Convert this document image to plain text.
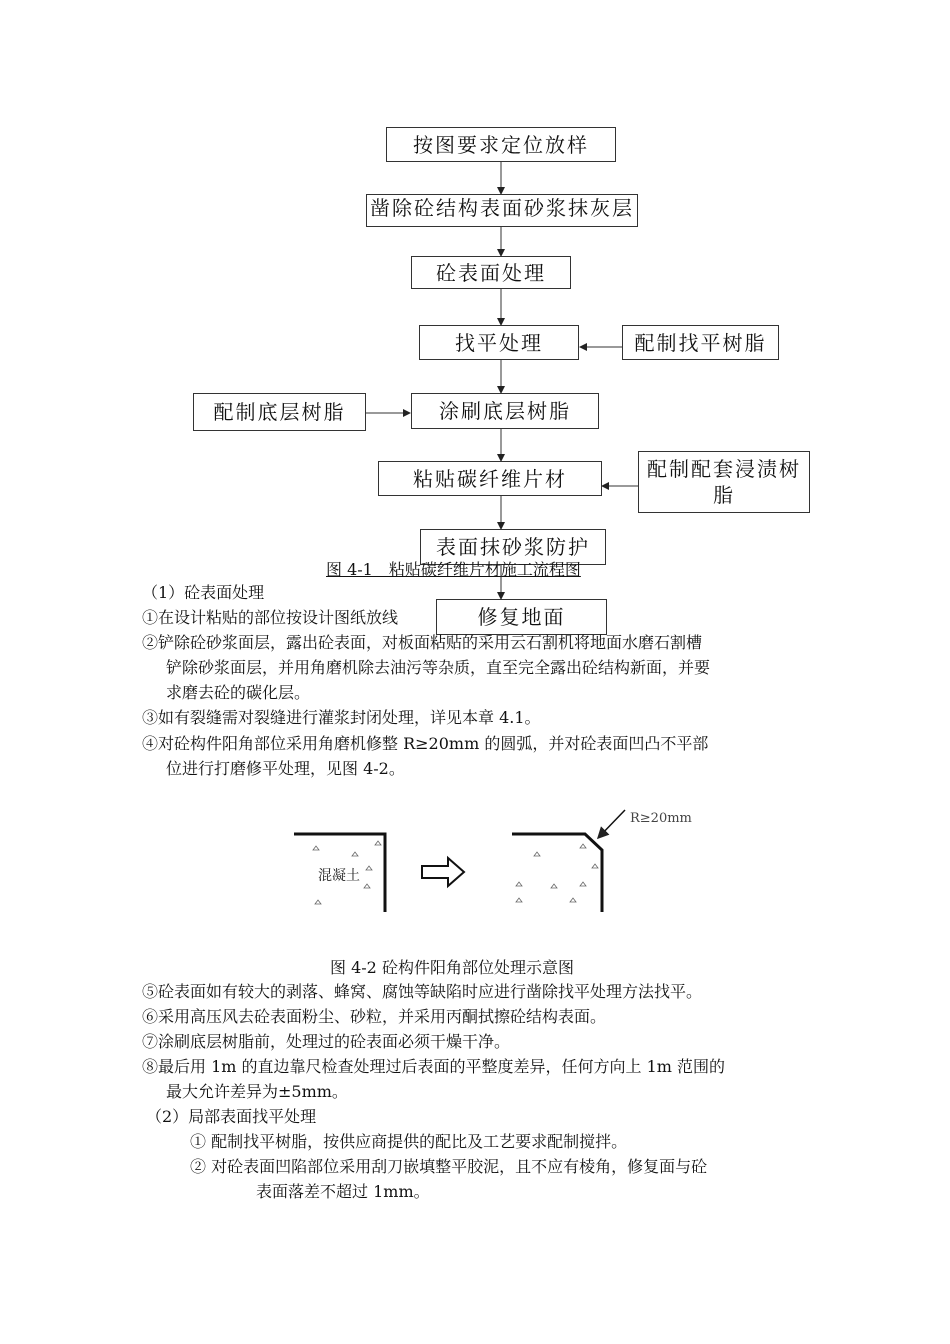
按图要求定位放样
凿除砼结构表面砂浆抹灰层
砼表面处理
找平处理	配制找平树脂
涂刷底层树脂
配制底层树脂
粘贴碳纤维片材	配制配套浸渍树脂
表面抹砂浆防护
图 4-1　粘贴碳纤维片材施工流程图
（1）砼表面处理
①在设计粘贴的部位按设计图纸放线	修复地面
②铲除砼砂浆面层，露出砼表面，对板面粘贴的采用云石割机将地面水磨石割槽
铲除砂浆面层，并用角磨机除去油污等杂质，直至完全露出砼结构新面，并要
求磨去砼的碳化层。
③如有裂缝需对裂缝进行灌浆封闭处理，详见本章 4.1。
④对砼构件阳角部位采用角磨机修整 R≥20mm 的圆弧，并对砼表面凹凸不平部
位进行打磨修平处理，见图 4-2。
混凝土
R≥20mm
图 4-2 砼构件阳角部位处理示意图
⑤砼表面如有较大的剥落、蜂窝、腐蚀等缺陷时应进行凿除找平处理方法找平。
⑥采用高压风去砼表面粉尘、砂粒，并采用丙酮拭擦砼结构表面。
⑦涂刷底层树脂前，处理过的砼表面必须干燥干净。
⑧最后用 1m 的直边靠尺检查处理过后表面的平整度差异，任何方向上 1m 范围的
最大允许差异为±5mm。
（2）局部表面找平处理
① 配制找平树脂，按供应商提供的配比及工艺要求配制搅拌。
② 对砼表面凹陷部位采用刮刀嵌填整平胶泥，且不应有棱角，修复面与砼
表面落差不超过 1mm。
